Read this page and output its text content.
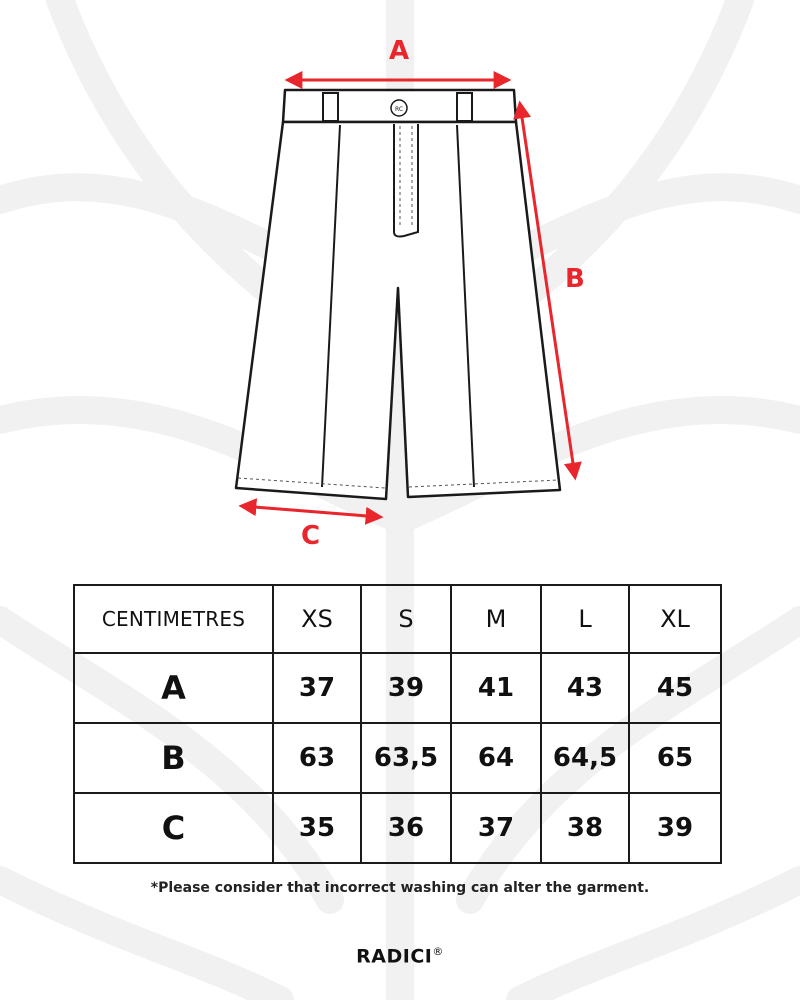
RC
A
B
C
CENTIMETRES	XS	S	M	L	XL
A	37	39	41	43	45
B	63	63,5	64	64,5	65
C	35	36	37	38	39
*Please consider that incorrect washing can alter the garment.
RADICI®
